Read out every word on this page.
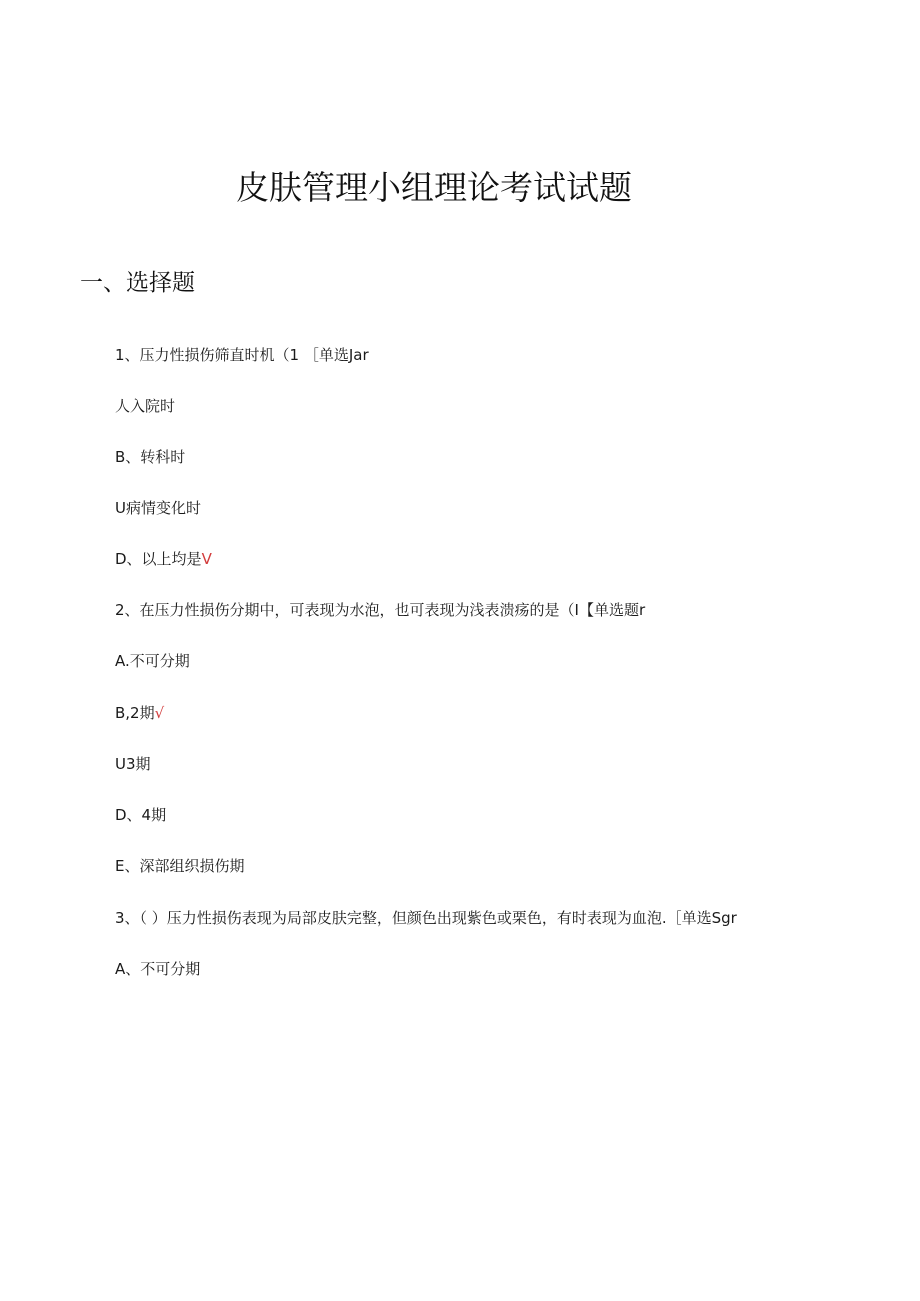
皮肤管理小组理论考试试题
一、选择题
1、压力性损伤筛直时机（1 ［单选Jar
人入院时
B、转科时
U病情变化时
D、以上均是V
2、在压力性损伤分期中，可表现为水泡，也可表现为浅表溃疡的是（I【单选题r
A.不可分期
B,2期√
U3期
D、4期
E、深部组织损伤期
3、（ ）压力性损伤表现为局部皮肤完整，但颜色出现紫色或栗色，有时表现为血泡.［单选Sgr
A、不可分期
